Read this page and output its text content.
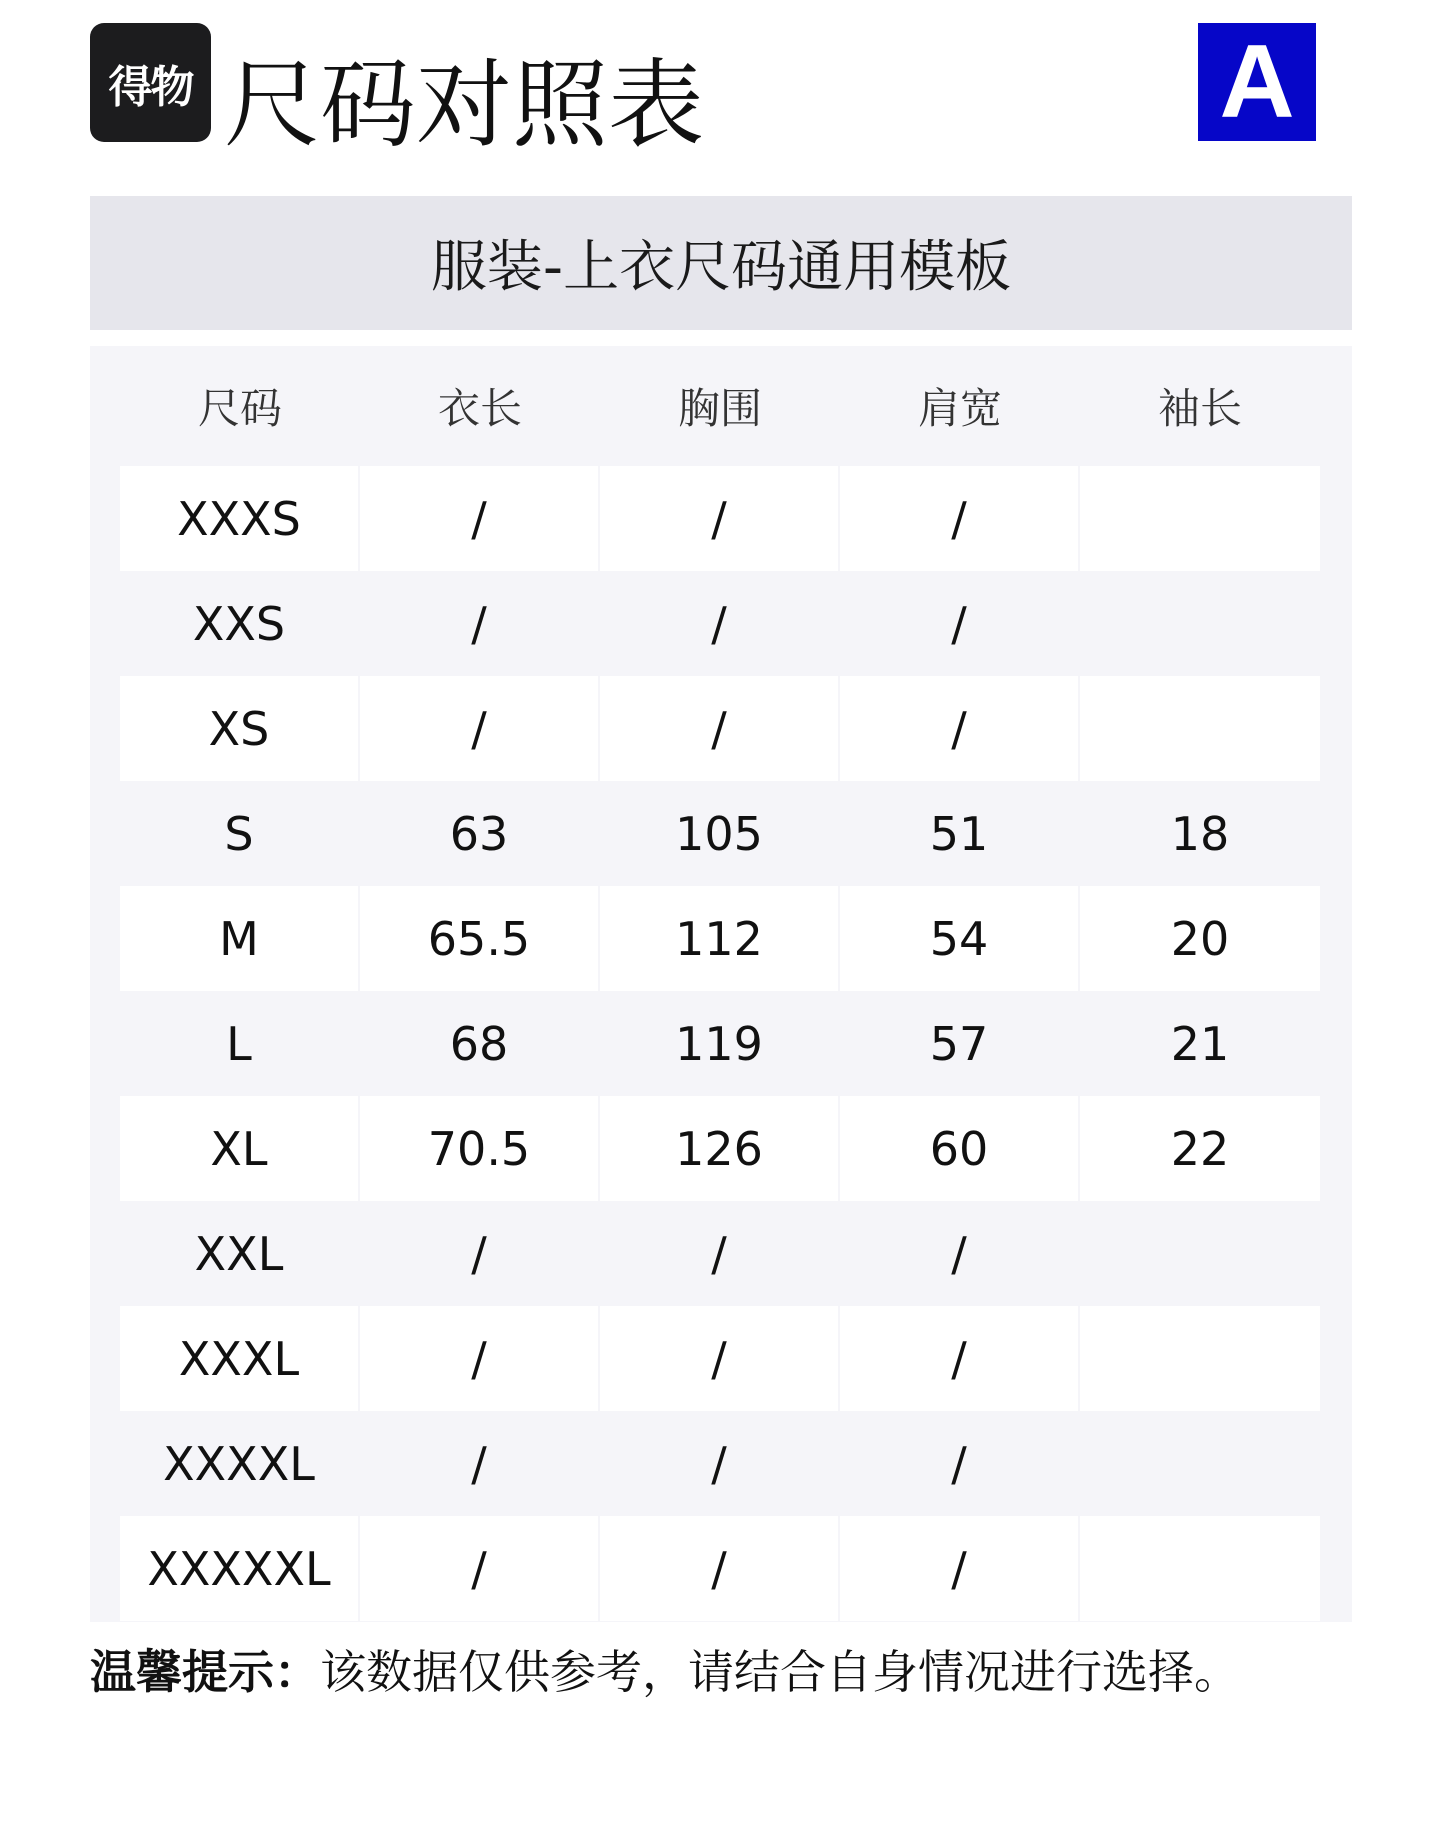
得物 尺码对照表	A
服装-上衣尺码通用模板
尺码	衣长	胸围	肩宽	袖长
XXXS	/	/	/
XXS	/	/	/
XS	/	/	/
S	63	105	51	18
M	65.5	112	54	20
L	68	119	57	21
XL	70.5	126	60	22
XXL	/	/	/
XXXL	/	/	/
XXXXL	/	/	/
XXXXXL	/	/	/
温馨提示：该数据仅供参考，请结合自身情况进行选择。
